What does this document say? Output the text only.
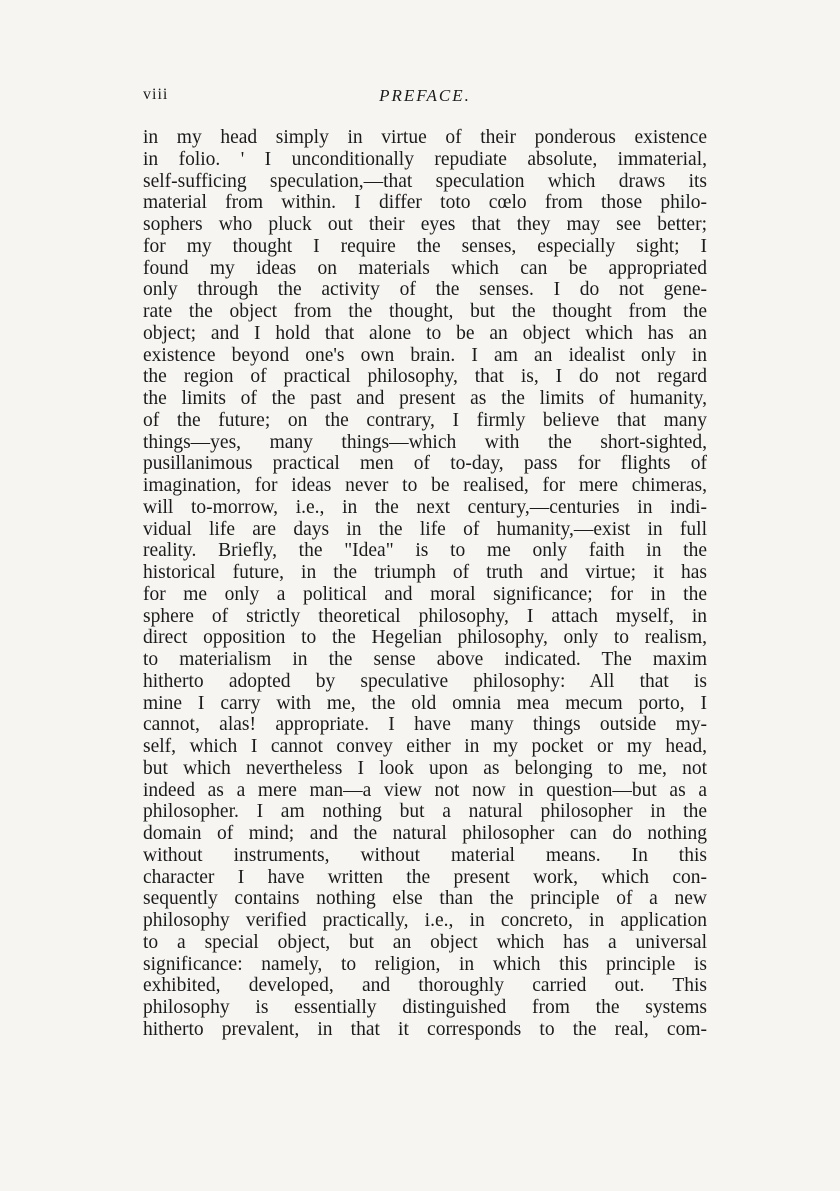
viii	PREFACE.
in my head simply in virtue of their ponderous existence
in folio. ' I unconditionally repudiate absolute, immaterial,
self-sufficing speculation,—that speculation which draws its
material from within. I differ toto cœlo from those philo-
sophers who pluck out their eyes that they may see better;
for my thought I require the senses, especially sight; I
found my ideas on materials which can be appropriated
only through the activity of the senses. I do not gene-
rate the object from the thought, but the thought from the
object; and I hold that alone to be an object which has an
existence beyond one's own brain. I am an idealist only in
the region of practical philosophy, that is, I do not regard
the limits of the past and present as the limits of humanity,
of the future; on the contrary, I firmly believe that many
things—yes, many things—which with the short-sighted,
pusillanimous practical men of to-day, pass for flights of
imagination, for ideas never to be realised, for mere chimeras,
will to-morrow, i.e., in the next century,—centuries in indi-
vidual life are days in the life of humanity,—exist in full
reality. Briefly, the "Idea" is to me only faith in the
historical future, in the triumph of truth and virtue; it has
for me only a political and moral significance; for in the
sphere of strictly theoretical philosophy, I attach myself, in
direct opposition to the Hegelian philosophy, only to realism,
to materialism in the sense above indicated. The maxim
hitherto adopted by speculative philosophy: All that is
mine I carry with me, the old omnia mea mecum porto, I
cannot, alas! appropriate. I have many things outside my-
self, which I cannot convey either in my pocket or my head,
but which nevertheless I look upon as belonging to me, not
indeed as a mere man—a view not now in question—but as a
philosopher. I am nothing but a natural philosopher in the
domain of mind; and the natural philosopher can do nothing
without instruments, without material means. In this
character I have written the present work, which con-
sequently contains nothing else than the principle of a new
philosophy verified practically, i.e., in concreto, in application
to a special object, but an object which has a universal
significance: namely, to religion, in which this principle is
exhibited, developed, and thoroughly carried out. This
philosophy is essentially distinguished from the systems
hitherto prevalent, in that it corresponds to the real, com-
